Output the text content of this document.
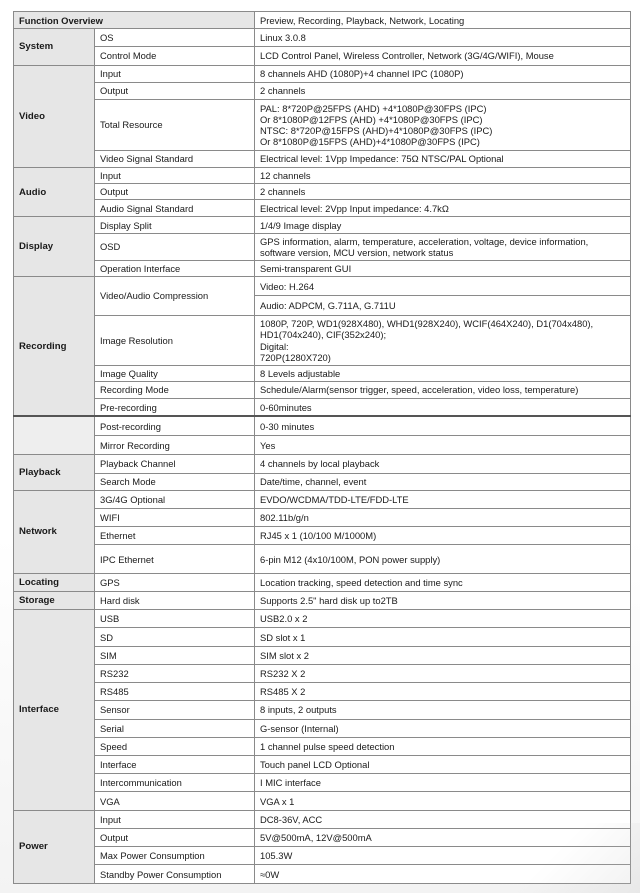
Function Overview		Preview, Recording, Playback, Network, Locating
System	OS	Linux 3.0.8
	Control Mode	LCD Control Panel, Wireless Controller, Network (3G/4G/WIFI), Mouse
Video	Input	8 channels AHD (1080P)+4 channel IPC (1080P)
	Output	2 channels
	Total Resource	PAL: 8*720P@25FPS (AHD) +4*1080P@30FPS (IPC)
Or 8*1080P@12FPS (AHD) +4*1080P@30FPS (IPC)
NTSC: 8*720P@15FPS (AHD)+4*1080P@30FPS (IPC)
Or 8*1080P@15FPS (AHD)+4*1080P@30FPS (IPC)
	Video Signal Standard	Electrical level: 1Vpp Impedance: 75Ω NTSC/PAL Optional
Audio	Input	12 channels
	Output	2 channels
	Audio Signal Standard	Electrical level: 2Vpp Input impedance: 4.7kΩ
Display	Display Split	1/4/9 Image display
	OSD	GPS information, alarm, temperature, acceleration, voltage, device information, software version, MCU version, network status
	Operation Interface	Semi-transparent GUI
Recording	Video/Audio Compression	Video: H.264
		Audio: ADPCM, G.711A, G.711U
	Image Resolution	1080P, 720P, WD1(928X480), WHD1(928X240), WCIF(464X240), D1(704x480), HD1(704x240), CIF(352x240);
Digital:
720P(1280X720)
	Image Quality	8 Levels adjustable
	Recording Mode	Schedule/Alarm(sensor trigger, speed, acceleration, video loss, temperature)
	Pre-recording	0-60minutes
	Post-recording	0-30 minutes
	Mirror Recording	Yes
Playback	Playback Channel	4 channels by local playback
	Search Mode	Date/time, channel, event
Network	3G/4G Optional	EVDO/WCDMA/TDD-LTE/FDD-LTE
	WIFI	802.11b/g/n
	Ethernet	RJ45 x 1 (10/100 M/1000M)
	IPC Ethernet	6-pin M12 (4x10/100M, PON power supply)
Locating	GPS	Location tracking, speed detection and time sync
Storage	Hard disk	Supports 2.5" hard disk up to2TB
Interface	USB	USB2.0 x 2
	SD	SD slot x 1
	SIM	SIM slot x 2
	RS232	RS232 X 2
	RS485	RS485 X 2
	Sensor	8 inputs, 2 outputs
	Serial	G-sensor (Internal)
	Speed	1 channel pulse speed detection
	Interface	Touch panel LCD Optional
	Intercommunication	I MIC interface
	VGA	VGA x 1
Power	Input	DC8-36V, ACC
	Output	5V@500mA, 12V@500mA
	Max Power Consumption	105.3W
	Standby Power Consumption	≈0W
